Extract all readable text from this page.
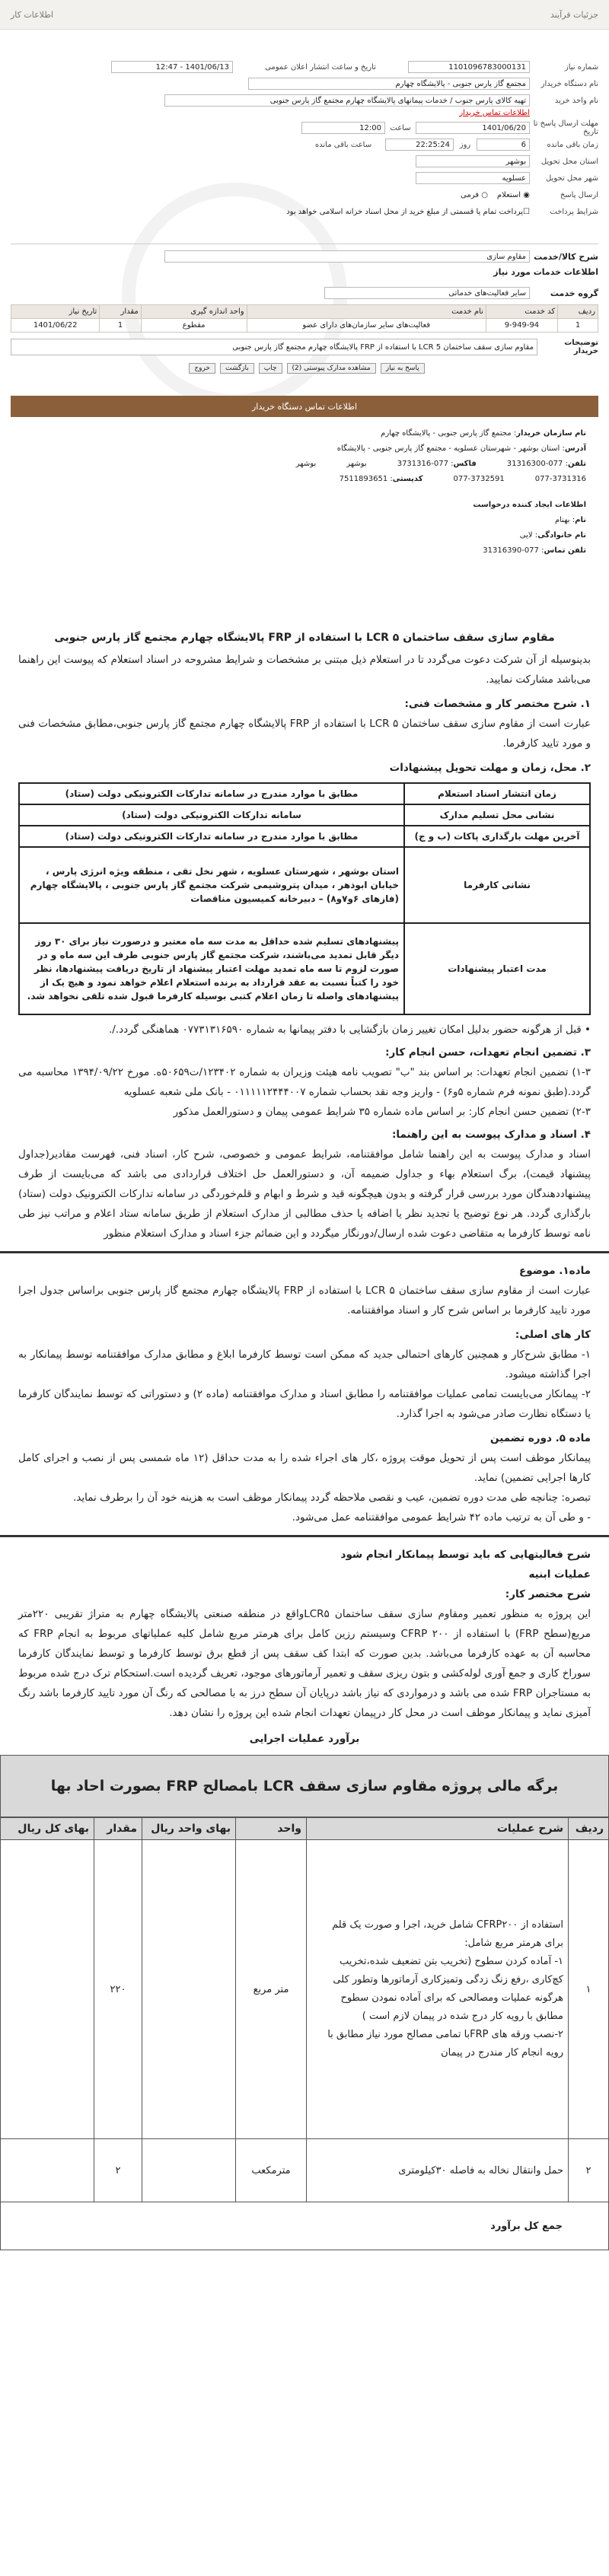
جزئیات فرآیند
اطلاعات کار
شماره نیاز
1101096783000131
تاریخ و ساعت انتشار اعلان عمومی
1401/06/13 - 12:47
نام دستگاه خریدار
مجتمع گاز پارس جنوبی - پالایشگاه چهارم
نام واحد خرید
تهیه کالای پارس جنوب / خدمات پیمانهای پالایشگاه چهارم مجتمع گاز پارس جنوبی
اطلاعات تماس خریدار
مهلت ارسال پاسخ تا تاریخ
1401/06/20
ساعت
12:00
زمان باقی مانده
6
روز
22:25:24
ساعت باقی مانده
استان محل تحویل
بوشهر
شهر محل تحویل
عسلویه
ارسال پاسخ
◉ استعلام
○ فرمی
شرایط پرداخت
☐
پرداخت تمام یا قسمتی از مبلغ خرید از محل اسناد خزانه اسلامی خواهد بود
شرح کالا/خدمت
مقاوم سازی
اطلاعات خدمات مورد نیاز
گروه خدمت
سایر فعالیت‌های خدماتی
ردیف	کد خدمت	نام خدمت	واحد اندازه گیری	مقدار	تاریخ نیاز
1	9-949-94	فعالیت‌های سایر سازمان‌های دارای عضو	مقطوع	1	1401/06/22
توضیحات خریدار
مقاوم سازی سقف ساختمان 5 LCR با استفاده از FRP پالایشگاه چهارم مجتمع گاز پارس جنوبی
پاسخ به نیاز
مشاهده مدارک پیوستی (2)
چاپ
بازگشت
خروج
اطلاعات تماس دستگاه خریدار
نام سازمان خریدار: مجتمع گاز پارس جنوبی - پالایشگاه چهارم
آدرس: استان بوشهر - شهرستان عسلویه - مجتمع گاز پارس جنوبی - پالایشگاه
تلفن: 077-31316300
فاکس: 077-3731316
بوشهر
بوشهر
077-3731316
077-3732591
کدپستی: 7511893651
اطلاعات ایجاد کننده درخواست
نام: بهنام
نام خانوادگی: لایی
تلفن تماس: 077-31316390

مقاوم سازی سقف ساختمان ۵ LCR با استفاده از FRP پالایشگاه چهارم مجتمع گاز پارس جنوبی

بدینوسیله از آن شرکت دعوت می‌گردد تا در استعلام ذیل مبتنی بر مشخصات و شرایط مشروحه در اسناد استعلام که پیوست این راهنما می‌باشد مشارکت نمایید.

۱. شرح مختصر کار و مشخصات فنی:

عبارت است از مقاوم سازی سقف ساختمان ۵ LCR با استفاده از FRP پالایشگاه چهارم مجتمع گاز پارس جنوبی،مطابق مشخصات فنی و مورد تایید کارفرما.

۲. محل، زمان و مهلت تحویل پیشنهادات

زمان انتشار اسناد استعلام	مطابق با موارد مندرج در سامانه تدارکات الکترونیکی دولت (ستاد)
نشانی محل تسلیم مدارک	سامانه تدارکات الکترونیکی دولت (ستاد)
آخرین مهلت بارگذاری پاکات (ب و ج)	مطابق با موارد مندرج در سامانه تدارکات الکترونیکی دولت (ستاد)
نشانی کارفرما	استان بوشهر ، شهرستان عسلویه ، شهر نخل تقی ، منطقه ویژه انرژی پارس ، خیابان ابوذهر ، میدان پتروشیمی شرکت مجتمع گاز پارس جنوبی ، پالایشگاه چهارم (فازهای ۶و۷و۸) – دبیرخانه کمیسیون مناقصات
مدت اعتبار پیشنهادات	پیشنهادهای تسلیم شده حداقل به مدت سه ماه معتبر و درصورت نیاز برای ۳۰ روز دیگر قابل تمدید می‌باشند، شرکت مجتمع گاز پارس جنوبی طرف این سه ماه و در صورت لزوم تا سه ماه تمدید مهلت اعتبار پیشنهاد از تاریخ دریافت پیشنهادها، نظر خود را کتباً نسبت به عقد قرارداد به برنده استعلام اعلام خواهد نمود و هیچ یک از پیشنهادهای واصله تا زمان اعلام کتبی بوسیله کارفرما قبول شده تلقی نخواهد شد.

• قبل از هرگونه حضور بدلیل امکان تغییر زمان بازگشایی با دفتر پیمانها به شماره ۰۷۷۳۱۳۱۶۵۹۰ هماهنگی گردد./.

۳. تضمین انجام تعهدات، حسن انجام کار:

۱-۳) تضمین انجام تعهدات: بر اساس بند "ب" تصویب نامه هیئت وزیران به شماره ۱۲۳۴۰۲/ت۵۰۶۵۹ه. مورخ ۱۳۹۴/۰۹/۲۲ محاسبه می گردد.(طبق نمونه فرم شماره ۵و۶) - واریز وجه نقد بحساب شماره ۰۱۱۱۱۱۲۴۴۴۰۰۷ - بانک ملی شعبه عسلویه

۲-۳) تضمین حسن انجام کار: بر اساس ماده شماره ۳۵ شرایط عمومی پیمان و دستورالعمل مذکور

۴. اسناد و مدارک پیوست به این راهنما:

اسناد و مدارک پیوست به این راهنما شامل موافقتنامه، شرایط عمومی و خصوصی، شرح کار، اسناد فنی، فهرست مقادیر(جداول پیشنهاد قیمت)، برگ استعلام بهاء و جداول ضمیمه آن، و دستورالعمل حل اختلاف قراردادی می باشد که می‌بایست از طرف پیشنهاددهندگان مورد بررسی قرار گرفته و بدون هیچگونه قید و شرط و ابهام و قلم‌خوردگی در سامانه تدارکات الکترونیک دولت (ستاد) بارگذاری گردد. هر نوع توضیح یا تجدید نظر یا اضافه یا حذف مطالبی از مدارک استعلام از طریق سامانه ستاد اعلام و مراتب نیز طی نامه توسط کارفرما به متقاضی دعوت شده ارسال/دورنگار میگردد و این ضمائم جزء اسناد و مدارک استعلام منظور

ماده۱. موضوع

عبارت است از مقاوم سازی سقف ساختمان ۵ LCR با استفاده از FRP پالایشگاه چهارم مجتمع گاز پارس جنوبی براساس جدول اجرا مورد تایید کارفرما بر اساس شرح کار و اسناد موافقتنامه.

کار های اصلی:

۱- مطابق شرح‌کار و همچنین کارهای احتمالی جدید که ممکن است توسط کارفرما ابلاغ و مطابق مدارک موافقتنامه توسط پیمانکار به اجرا گذاشته میشود.

۲- پیمانکار می‌بایست تمامی عملیات موافقتنامه را مطابق اسناد و مدارک موافقتنامه (ماده ۲) و دستوراتی که توسط نمایندگان کارفرما یا دستگاه نظارت صادر می‌شود به اجرا گذارد.

ماده ۵. دوره تضمین

پیمانکار موظف است پس از تحویل موقت پروژه ،کار های اجراء شده را به مدت حداقل (۱۲ ماه شمسی پس از نصب و اجرای کامل کارها اجرایی تضمین) نماید.
تبصره: چنانچه طی مدت دوره تضمین، عیب و نقصی ملاحظه گردد پیمانکار موظف است به هزینه خود آن را برطرف نماید.
- و طی آن به ترتیب ماده ۴۲ شرایط عمومی موافقتنامه عمل می‌شود.

شرح فعالیتهایی که باید توسط پیمانکار انجام شود

عملیات ابنیه

شرح مختصر کار:

این پروژه به منظور تعمیر ومقاوم سازی سقف ساختمان LCR۵واقع در منطقه صنعتی پالایشگاه چهارم به متراژ تقریبی ۲۲۰متر مربع(سطح FRP) با استفاده از ۲۰۰ CFRP وسیستم رزین کامل برای هرمتر مربع شامل کلیه عملیاتهای مربوط به انجام FRP که محاسبه آن به عهده کارفرما می‌باشد. بدین صورت که ابتدا کف سقف پس از قطع برق توسط کارفرما و توسط نمایندگان کارفرما سوراخ کاری و جمع آوری لوله‌کشی و بتون ریزی سقف و تعمیر آرماتورهای موجود، تعریف گردیده است.استحکام ترک درج شده مربوط به مستاجران FRP شده می باشد و درمواردی که نیاز باشد درپایان آن سطح درز به با مصالحی که رنگ آن مورد تایید کارفرما باشد رنگ آمیزی نماید و پیمانکار موظف است در محل کار درپیمان تعهدات انجام شده این پروژه را نشان دهد.

برآورد عملیات اجرایی

برگه مالی پروژه مقاوم سازی سقف LCR بامصالح FRP بصورت احاد بها
ردیف	شرح عملیات	واحد	بهای واحد ریال	مقدار	بهای کل ریال
۱	استفاده از CFRP۲۰۰ شامل خرید، اجرا و صورت یک قلم برای هرمتر مربع شامل:
۱- آماده کردن سطوح (تخریب بتن تضعیف شده،تخریب کچ‌کاری ،رفع زنگ زدگی وتمیزکاری آرماتورها وتطور کلی هرگونه عملیات ومصالحی که برای آماده نمودن سطوح مطابق با رویه کار درج شده در پیمان لازم است )
۲-نصب ورقه های FRPبا تمامی مصالح مورد نیاز مطابق با رویه انجام کار مندرج در پیمان	متر مربع		۲۲۰	
۲	حمل وانتقال نخاله به فاصله ۳۰کیلومتری	مترمکعب		۲	
جمع کل برآورد					
